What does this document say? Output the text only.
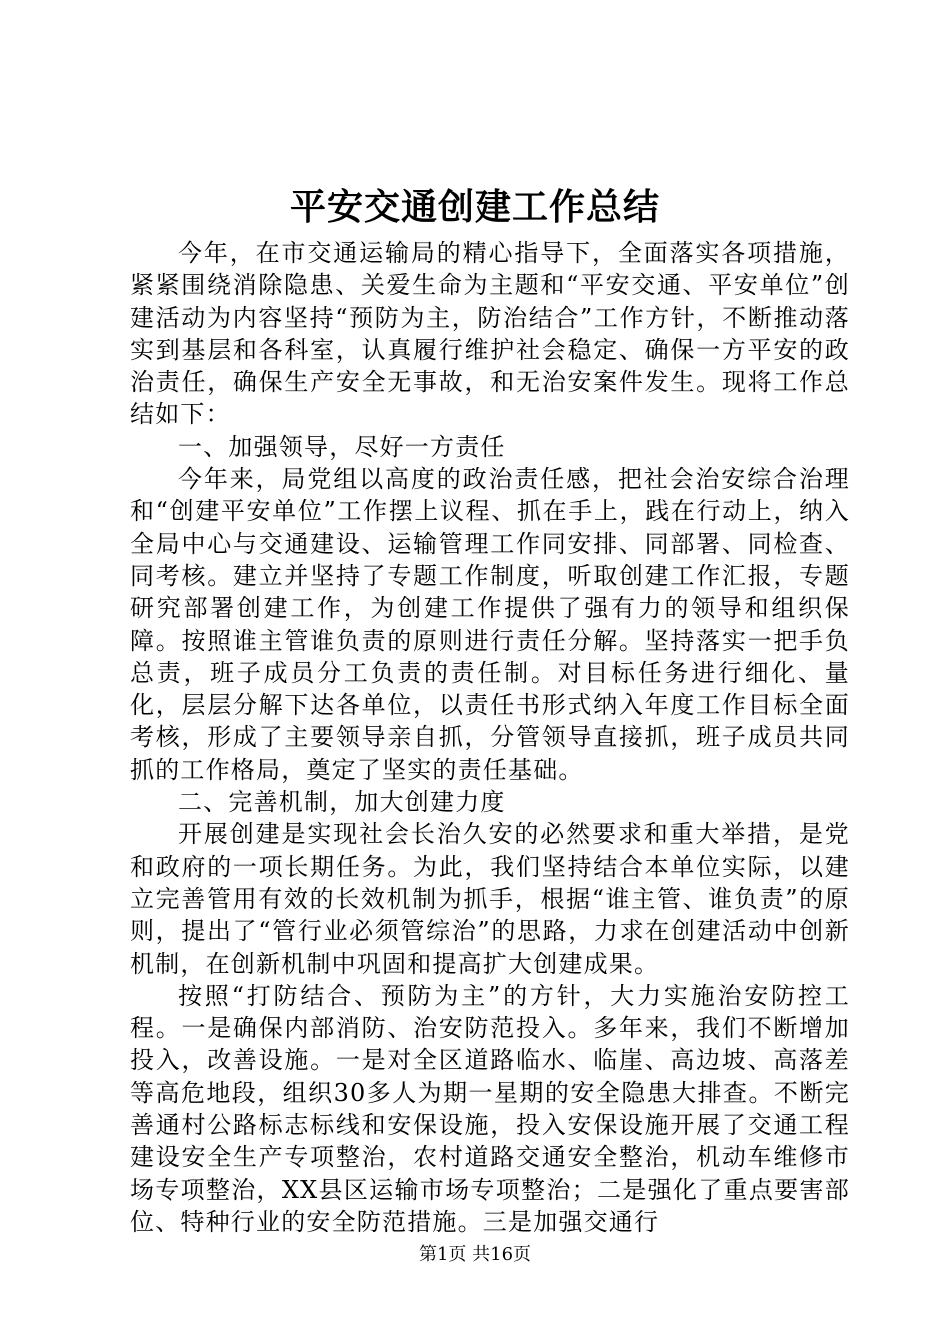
平安交通创建工作总结

今年，在市交通运输局的精心指导下，全面落实各项措施，紧紧围绕消除隐患、关爱生命为主题和“平安交通、平安单位”创建活动为内容坚持“预防为主，防治结合”工作方针，不断推动落实到基层和各科室，认真履行维护社会稳定、确保一方平安的政治责任，确保生产安全无事故，和无治安案件发生。现将工作总结如下：

一、加强领导，尽好一方责任

今年来，局党组以高度的政治责任感，把社会治安综合治理和“创建平安单位”工作摆上议程、抓在手上，践在行动上，纳入全局中心与交通建设、运输管理工作同安排、同部署、同检查、同考核。建立并坚持了专题工作制度，听取创建工作汇报，专题研究部署创建工作，为创建工作提供了强有力的领导和组织保障。按照谁主管谁负责的原则进行责任分解。坚持落实一把手负总责，班子成员分工负责的责任制。对目标任务进行细化、量化，层层分解下达各单位，以责任书形式纳入年度工作目标全面考核，形成了主要领导亲自抓，分管领导直接抓，班子成员共同抓的工作格局，奠定了坚实的责任基础。

二、完善机制，加大创建力度

开展创建是实现社会长治久安的必然要求和重大举措，是党和政府的一项长期任务。为此，我们坚持结合本单位实际，以建立完善管用有效的长效机制为抓手，根据“谁主管、谁负责”的原则，提出了“管行业必须管综治”的思路，力求在创建活动中创新机制，在创新机制中巩固和提高扩大创建成果。

按照“打防结合、预防为主”的方针，大力实施治安防控工程。一是确保内部消防、治安防范投入。多年来，我们不断增加投入，改善设施。一是对全区道路临水、临崖、高边坡、高落差等高危地段，组织30多人为期一星期的安全隐患大排查。不断完善通村公路标志标线和安保设施，投入安保设施开展了交通工程建设安全生产专项整治，农村道路交通安全整治，机动车维修市场专项整治，XX县区运输市场专项整治；二是强化了重点要害部位、特种行业的安全防范措施。三是加强交通行

第1页 共16页
